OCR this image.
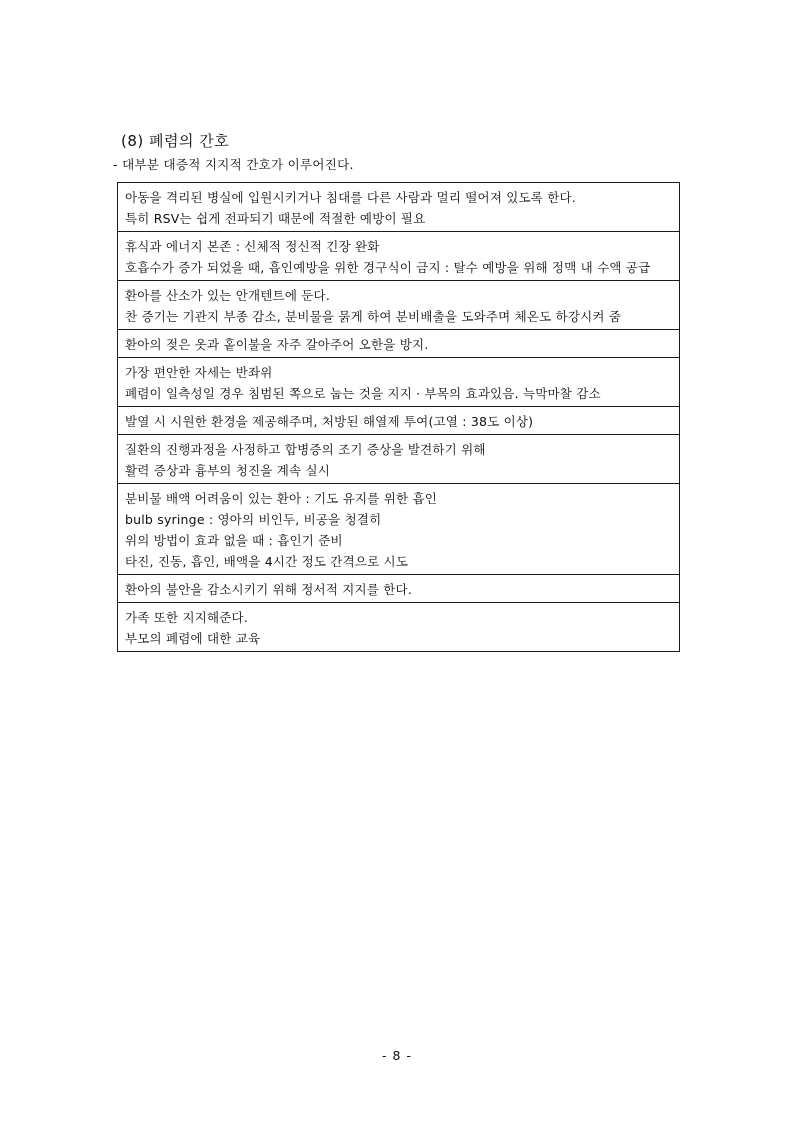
(8) 폐렴의 간호
- 대부분 대증적 지지적 간호가 이루어진다.
아동을 격리된 병실에 입원시키거나 침대를 다른 사람과 멀리 떨어져 있도록 한다.
특히 RSV는 쉽게 전파되기 때문에 적절한 예방이 필요

휴식과 에너지 본존 : 신체적 정신적 긴장 완화
호흡수가 증가 되었을 때, 흡인예방을 위한 경구식이 금지 : 탈수 예방을 위해 정맥 내 수액 공급

환아를 산소가 있는 안개텐트에 둔다.
찬 증기는 기관지 부종 감소, 분비물을 묽게 하여 분비배출을 도와주며 체온도 하강시켜 줌

환아의 젖은 옷과 홑이불을 자주 갈아주어 오한을 방지.

가장 편안한 자세는 반좌위
폐렴이 일측성일 경우 침범된 쪽으로 눕는 것을 지지 · 부목의 효과있음. 늑막마찰 감소

발열 시 시원한 환경을 제공해주며, 처방된 해열제 투여(고열 : 38도 이상)

질환의 진행과정을 사정하고 합병증의 조기 증상을 발견하기 위해
활력 증상과 흉부의 청진을 계속 실시

분비물 배액 어려움이 있는 환아 : 기도 유지를 위한 흡인
bulb syringe : 영아의 비인두, 비공을 청결히
위의 방법이 효과 없을 때 : 흡인기 준비
타진, 진동, 흡인, 배액을 4시간 정도 간격으로 시도

환아의 불안을 감소시키기 위해 정서적 지지를 한다.

가족 또한 지지해준다.
부모의 폐렴에 대한 교육
- 8 -
